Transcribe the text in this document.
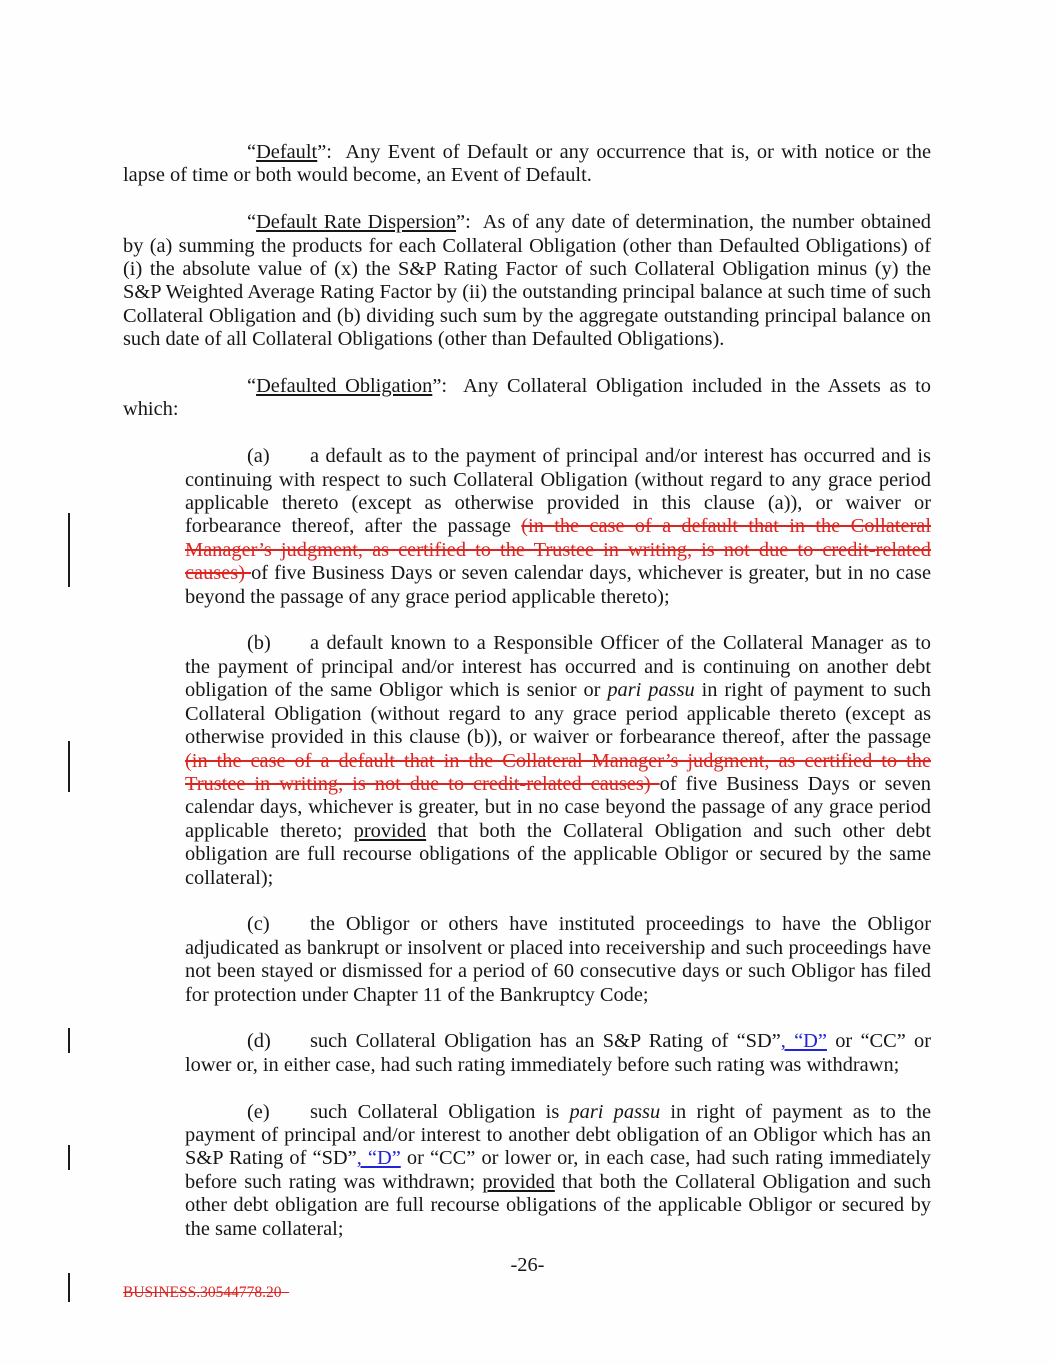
“Default”:  Any Event of Default or any occurrence that is, or with notice or the lapse of time or both would become, an Event of Default.

“Default Rate Dispersion”:  As of any date of determination, the number obtained by (a) summing the products for each Collateral Obligation (other than Defaulted Obligations) of (i) the absolute value of (x) the S&P Rating Factor of such Collateral Obligation minus (y) the S&P Weighted Average Rating Factor by (ii) the outstanding principal balance at such time of such Collateral Obligation and (b) dividing such sum by the aggregate outstanding principal balance on such date of all Collateral Obligations (other than Defaulted Obligations).

“Defaulted Obligation”:  Any Collateral Obligation included in the Assets as to which:

(a) a default as to the payment of principal and/or interest has occurred and is continuing with respect to such Collateral Obligation (without regard to any grace period applicable thereto (except as otherwise provided in this clause (a)), or waiver or forbearance thereof, after the passage (in the case of a default that in the Collateral Manager’s judgment, as certified to the Trustee in writing, is not due to credit-related causes) of five Business Days or seven calendar days, whichever is greater, but in no case beyond the passage of any grace period applicable thereto);

(b) a default known to a Responsible Officer of the Collateral Manager as to the payment of principal and/or interest has occurred and is continuing on another debt obligation of the same Obligor which is senior or pari passu in right of payment to such Collateral Obligation (without regard to any grace period applicable thereto (except as otherwise provided in this clause (b)), or waiver or forbearance thereof, after the passage (in the case of a default that in the Collateral Manager’s judgment, as certified to the Trustee in writing, is not due to credit-related causes) of five Business Days or seven calendar days, whichever is greater, but in no case beyond the passage of any grace period applicable thereto; provided that both the Collateral Obligation and such other debt obligation are full recourse obligations of the applicable Obligor or secured by the same collateral);

(c) the Obligor or others have instituted proceedings to have the Obligor adjudicated as bankrupt or insolvent or placed into receivership and such proceedings have not been stayed or dismissed for a period of 60 consecutive days or such Obligor has filed for protection under Chapter 11 of the Bankruptcy Code;

(d) such Collateral Obligation has an S&P Rating of “SD”, “D” or “CC” or lower or, in either case, had such rating immediately before such rating was withdrawn;

(e) such Collateral Obligation is pari passu in right of payment as to the payment of principal and/or interest to another debt obligation of an Obligor which has an S&P Rating of “SD”, “D” or “CC” or lower or, in each case, had such rating immediately before such rating was withdrawn; provided that both the Collateral Obligation and such other debt obligation are full recourse obligations of the applicable Obligor or secured by the same collateral;

-26-
BUSINESS.30544778.20
